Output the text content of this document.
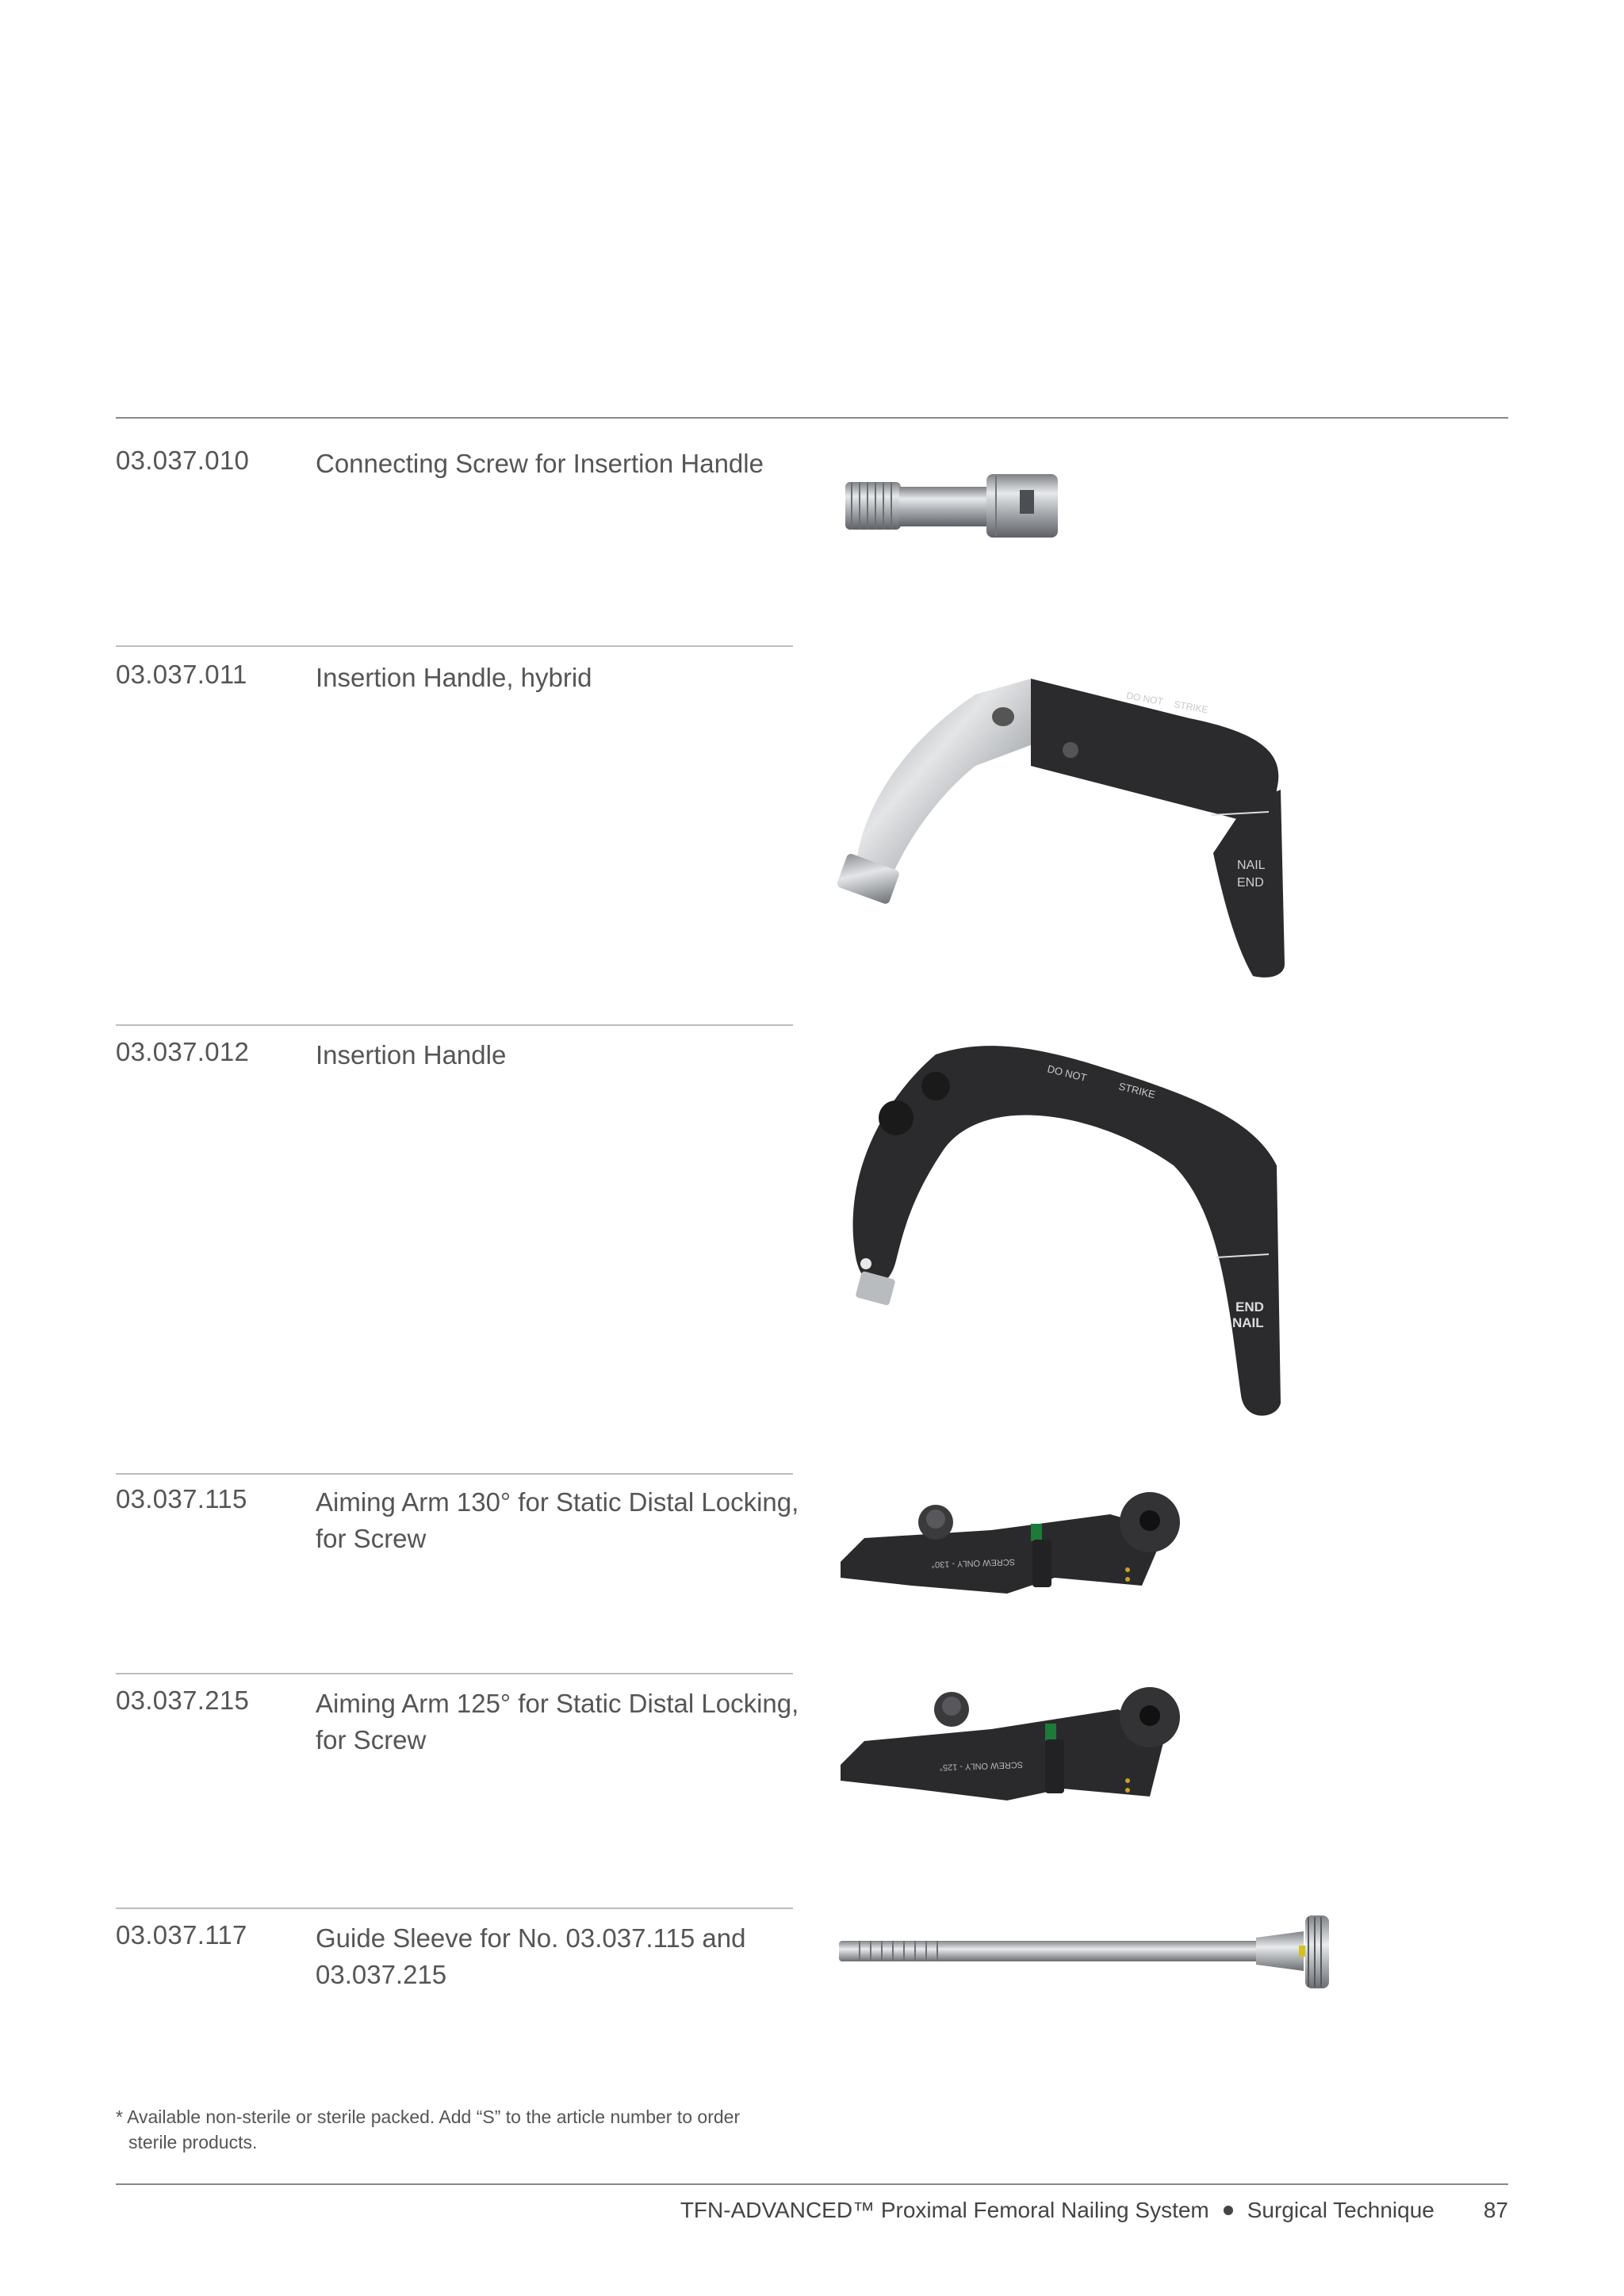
03.037.010	Connecting Screw for Insertion Handle
03.037.011	Insertion Handle, hybrid
DO NOT STRIKE
NAIL
END
03.037.012	Insertion Handle
DO NOT
STRIKE
END
NAIL
03.037.115	Aiming Arm 130° for Static Distal Locking, for Screw
SCREW ONLY - 130°
03.037.215	Aiming Arm 125° for Static Distal Locking, for Screw
SCREW ONLY - 125°
03.037.117	Guide Sleeve for No. 03.037.115 and 03.037.215
* Available non-sterile or sterile packed. Add “S” to the article number to order
sterile products.
TFN-ADVANCED™ Proximal Femoral Nailing System Surgical Technique 87
